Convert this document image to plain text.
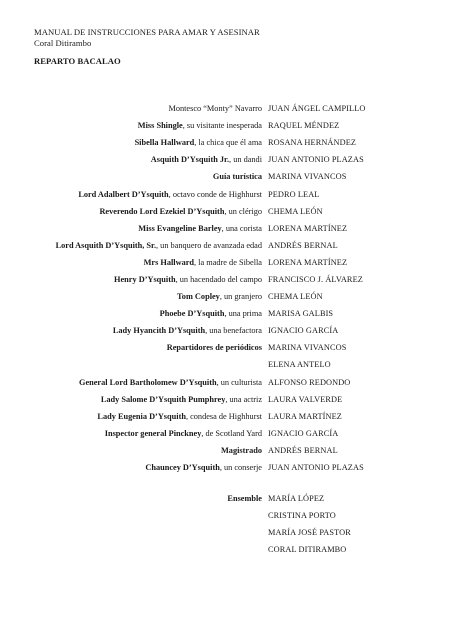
MANUAL DE INSTRUCCIONES PARA AMAR Y ASESINAR
Coral Ditirambo
REPARTO BACALAO
Montesco “Monty” Navarro JUAN ÁNGEL CAMPILLO
Miss Shingle, su visitante inesperada RAQUEL MÉNDEZ
Sibella Hallward, la chica que él ama ROSANA HERNÁNDEZ
Asquith D’Ysquith Jr., un dandi JUAN ANTONIO PLAZAS
Guía turística MARINA VIVANCOS
Lord Adalbert D’Ysquith, octavo conde de Highhurst PEDRO LEAL
Reverendo Lord Ezekiel D’Ysquith, un clérigo CHEMA LEÓN
Miss Evangeline Barley, una corista LORENA MARTÍNEZ
Lord Asquith D’Ysquith, Sr., un banquero de avanzada edad ANDRÉS BERNAL
Mrs Hallward, la madre de Sibella LORENA MARTÍNEZ
Henry D’Ysquith, un hacendado del campo FRANCISCO J. ÁLVAREZ
Tom Copley, un granjero CHEMA LEÓN
Phoebe D’Ysquith, una prima MARISA GALBIS
Lady Hyancith D’Ysquith, una benefactora IGNACIO GARCÍA
Repartidores de periódicos MARINA VIVANCOS
ELENA ANTELO
General Lord Bartholomew D’Ysquith, un culturista ALFONSO REDONDO
Lady Salome D’Ysquith Pumphrey, una actriz LAURA VALVERDE
Lady Eugenia D’Ysquith, condesa de Highhurst LAURA MARTÍNEZ
Inspector general Pinckney, de Scotland Yard IGNACIO GARCÍA
Magistrado ANDRÉS BERNAL
Chauncey D’Ysquith, un conserje JUAN ANTONIO PLAZAS
Ensemble MARÍA LÓPEZ
CRISTINA PORTO
MARÍA JOSÉ PASTOR
CORAL DITIRAMBO
